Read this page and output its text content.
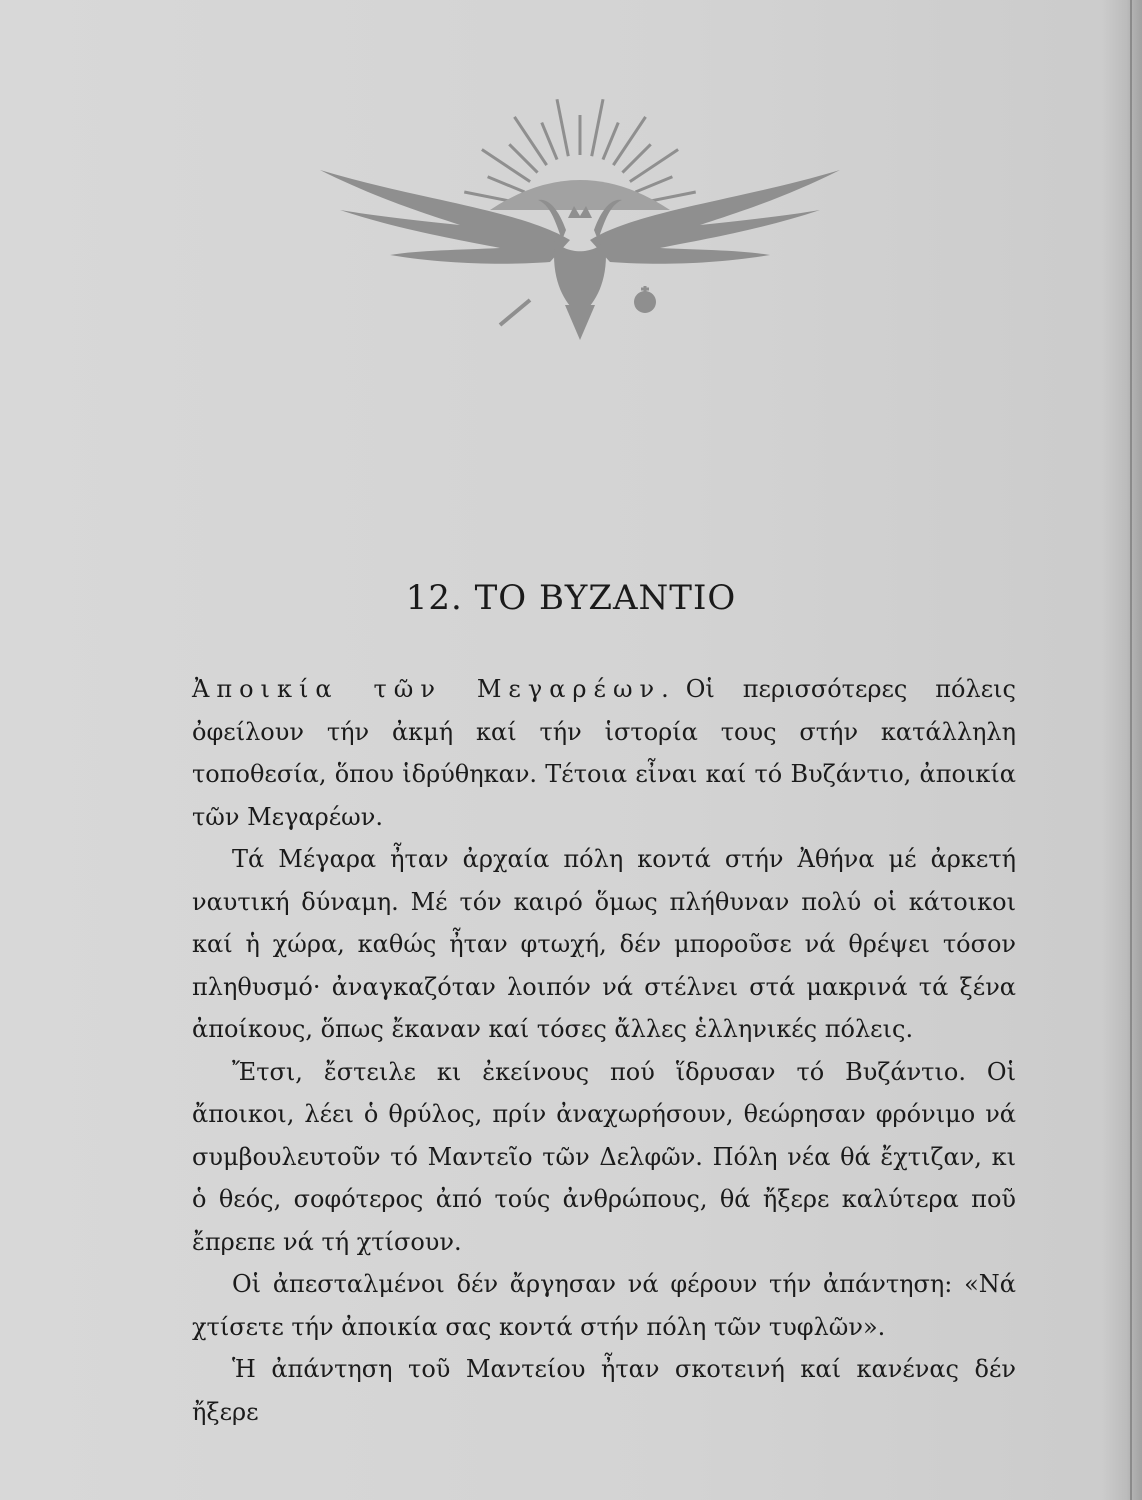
12. ΤΟ ΒΥΖΑΝΤΙΟ

Ἀποικία τῶν Μεγαρέων. Οἱ περισσότερες πόλεις ὀφείλουν τήν ἀκμή καί τήν ἱστορία τους στήν κατάλληλη τοποθεσία, ὅπου ἱδρύθηκαν. Τέτοια εἶναι καί τό Βυζάντιο, ἀποικία τῶν Μεγαρέων.

Τά Μέγαρα ἦταν ἀρχαία πόλη κοντά στήν Ἀθήνα μέ ἀρκετή ναυτική δύναμη. Μέ τόν καιρό ὅμως πλήθυναν πολύ οἱ κάτοικοι καί ἡ χώρα, καθώς ἦταν φτωχή, δέν μποροῦσε νά θρέψει τόσον πληθυσμό· ἀναγκαζόταν λοιπόν νά στέλνει στά μακρινά τά ξένα ἀποίκους, ὅπως ἔκαναν καί τόσες ἄλλες ἑλληνικές πόλεις.

Ἔτσι, ἔστειλε κι ἐκείνους πού ἵδρυσαν τό Βυζάντιο. Οἱ ἄποικοι, λέει ὁ θρύλος, πρίν ἀναχωρήσουν, θεώρησαν φρόνιμο νά συμβουλευτοῦν τό Μαντεῖο τῶν Δελφῶν. Πόλη νέα θά ἔχτιζαν, κι ὁ θεός, σοφότερος ἀπό τούς ἀνθρώπους, θά ἤξερε καλύτερα ποῦ ἔπρεπε νά τή χτίσουν.

Οἱ ἀπεσταλμένοι δέν ἄργησαν νά φέρουν τήν ἀπάντηση: «Νά χτίσετε τήν ἀποικία σας κοντά στήν πόλη τῶν τυφλῶν».

Ἡ ἀπάντηση τοῦ Μαντείου ἦταν σκοτεινή καί κανένας δέν ἤξερε
